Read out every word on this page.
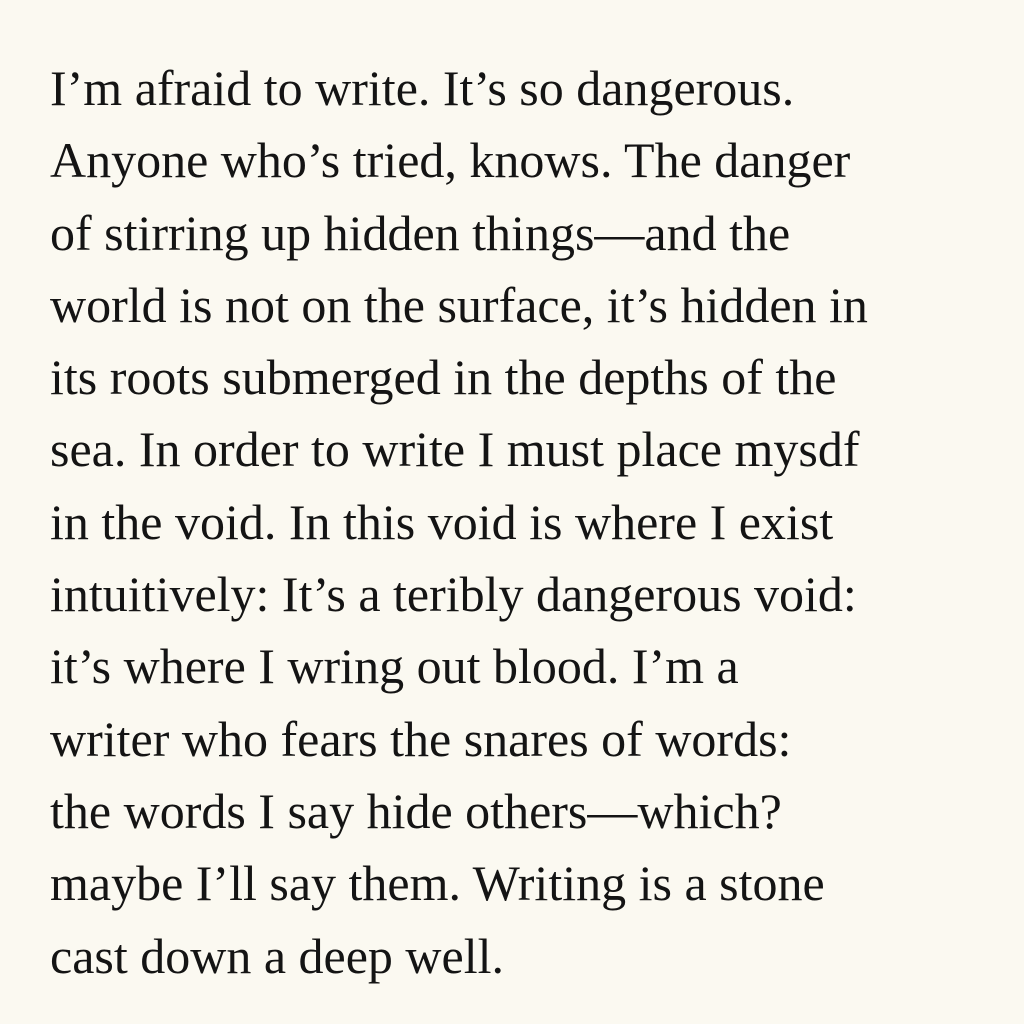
I’m afraid to write. It’s so dangerous.
Anyone who’s tried, knows. The danger
of stirring up hidden things—and the
world is not on the surface, it’s hidden in
its roots submerged in the depths of the
sea. In order to write I must place mysdf
in the void. In this void is where I exist
intuitively: It’s a teribly dangerous void:
it’s where I wring out blood. I’m a
writer who fears the snares of words:
the words I say hide others—which?
maybe I’ll say them. Writing is a stone
cast down a deep well.
